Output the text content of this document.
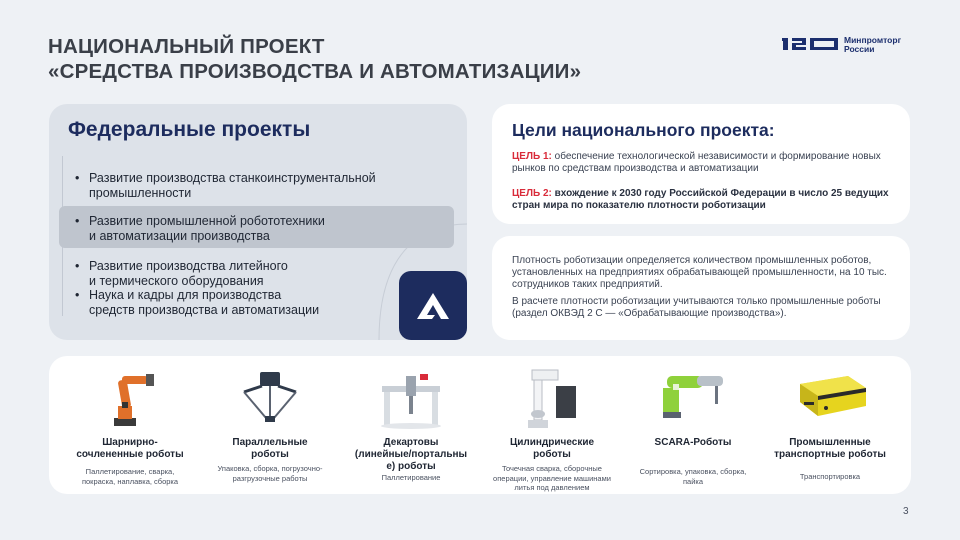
НАЦИОНАЛЬНЫЙ ПРОЕКТ
«СРЕДСТВА ПРОИЗВОДСТВА И АВТОМАТИЗАЦИИ»
Минпромторг
России
Федеральные проекты
• Развитие производства станкоинструментальной
промышленности
• Развитие промышленной робототехники
и автоматизации производства
• Развитие производства литейного
и термического оборудования
• Наука и кадры для производства
средств производства и автоматизации
Цели национального проекта:
ЦЕЛЬ 1: обеспечение технологической независимости и формирование новых рынков по средствам производства и автоматизации
ЦЕЛЬ 2: вхождение к 2030 году Российской Федерации в число 25 ведущих стран мира по показателю плотности роботизации

Плотность роботизации определяется количеством промышленных роботов, установленных на предприятиях обрабатывающей промышленности, на 10 тыс. сотрудников таких предприятий.

В расчете плотности роботизации учитываются только промышленные роботы (раздел ОКВЭД 2 С — «Обрабатывающие производства»).

Шарнирно-
сочлененные роботы
Паллетирование, сварка, покраска, наплавка, сборка
Параллельные
роботы
Упаковка, сборка, погрузочно-разгрузочные работы
Декартовы
(линейные/портальны
е) роботы
Паллетирование
Цилиндрические
роботы
Точечная сварка, сборочные операции, управление машинами литья под давлением
SCARA-Роботы
Сортировка, упаковка, сборка, пайка
Промышленные
транспортные роботы
Транспортировка
3
